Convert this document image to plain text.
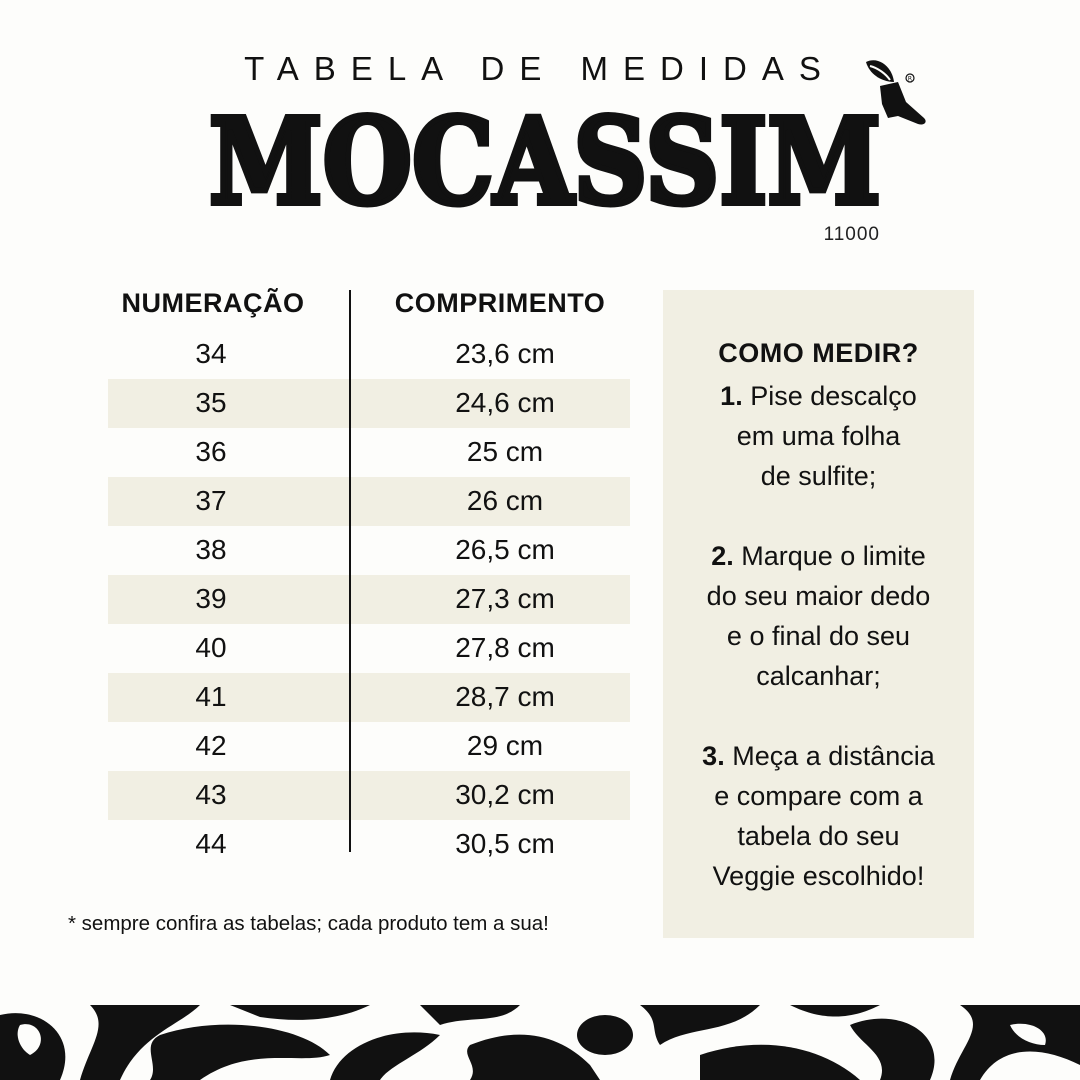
TABELA DE MEDIDAS
MOCASSIM
R
11000
NUMERAÇÃO	COMPRIMENTO
34	23,6 cm
35	24,6 cm
36	25 cm
37	26 cm
38	26,5 cm
39	27,3 cm
40	27,8 cm
41	28,7 cm
42	29 cm
43	30,2 cm
44	30,5 cm
* sempre confira as tabelas; cada produto tem a sua!
COMO MEDIR?
1. Pise descalço
em uma folha
de sulfite;
2. Marque o limite
do seu maior dedo
e o final do seu
calcanhar;
3. Meça a distância
e compare com a
tabela do seu
Veggie escolhido!
